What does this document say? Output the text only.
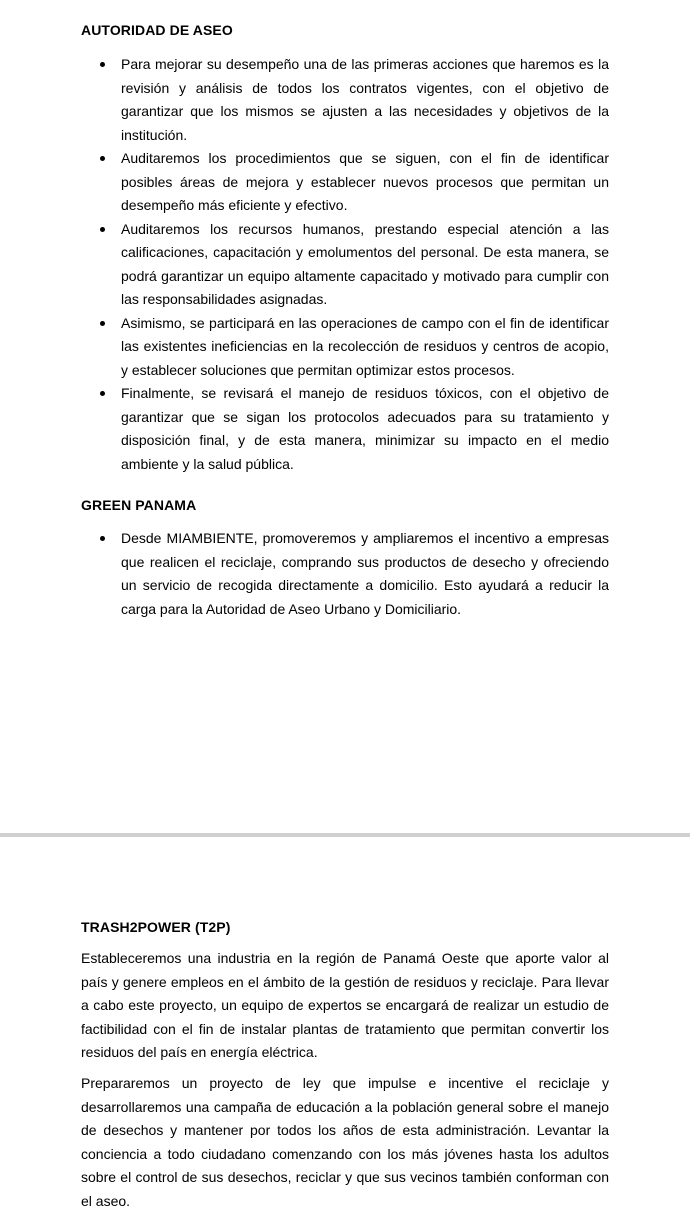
AUTORIDAD DE ASEO
Para mejorar su desempeño una de las primeras acciones que haremos es la revisión y análisis de todos los contratos vigentes, con el objetivo de garantizar que los mismos se ajusten a las necesidades y objetivos de la institución.
Auditaremos los procedimientos que se siguen, con el fin de identificar posibles áreas de mejora y establecer nuevos procesos que permitan un desempeño más eficiente y efectivo.
Auditaremos los recursos humanos, prestando especial atención a las calificaciones, capacitación y emolumentos del personal. De esta manera, se podrá garantizar un equipo altamente capacitado y motivado para cumplir con las responsabilidades asignadas.
Asimismo, se participará en las operaciones de campo con el fin de identificar las existentes ineficiencias en la recolección de residuos y centros de acopio, y establecer soluciones que permitan optimizar estos procesos.
Finalmente, se revisará el manejo de residuos tóxicos, con el objetivo de garantizar que se sigan los protocolos adecuados para su tratamiento y disposición final, y de esta manera, minimizar su impacto en el medio ambiente y la salud pública.
GREEN PANAMA
Desde MIAMBIENTE, promoveremos y ampliaremos el incentivo a empresas que realicen el reciclaje, comprando sus productos de desecho y ofreciendo un servicio de recogida directamente a domicilio. Esto ayudará a reducir la carga para la Autoridad de Aseo Urbano y Domiciliario.
TRASH2POWER (T2P)

Estableceremos una industria en la región de Panamá Oeste que aporte valor al país y genere empleos en el ámbito de la gestión de residuos y reciclaje. Para llevar a cabo este proyecto, un equipo de expertos se encargará de realizar un estudio de factibilidad con el fin de instalar plantas de tratamiento que permitan convertir los residuos del país en energía eléctrica.

Prepararemos un proyecto de ley que impulse e incentive el reciclaje y desarrollaremos una campaña de educación a la población general sobre el manejo de desechos y mantener por todos los años de esta administración. Levantar la conciencia a todo ciudadano comenzando con los más jóvenes hasta los adultos sobre el control de sus desechos, reciclar y que sus vecinos también conforman con el aseo.
